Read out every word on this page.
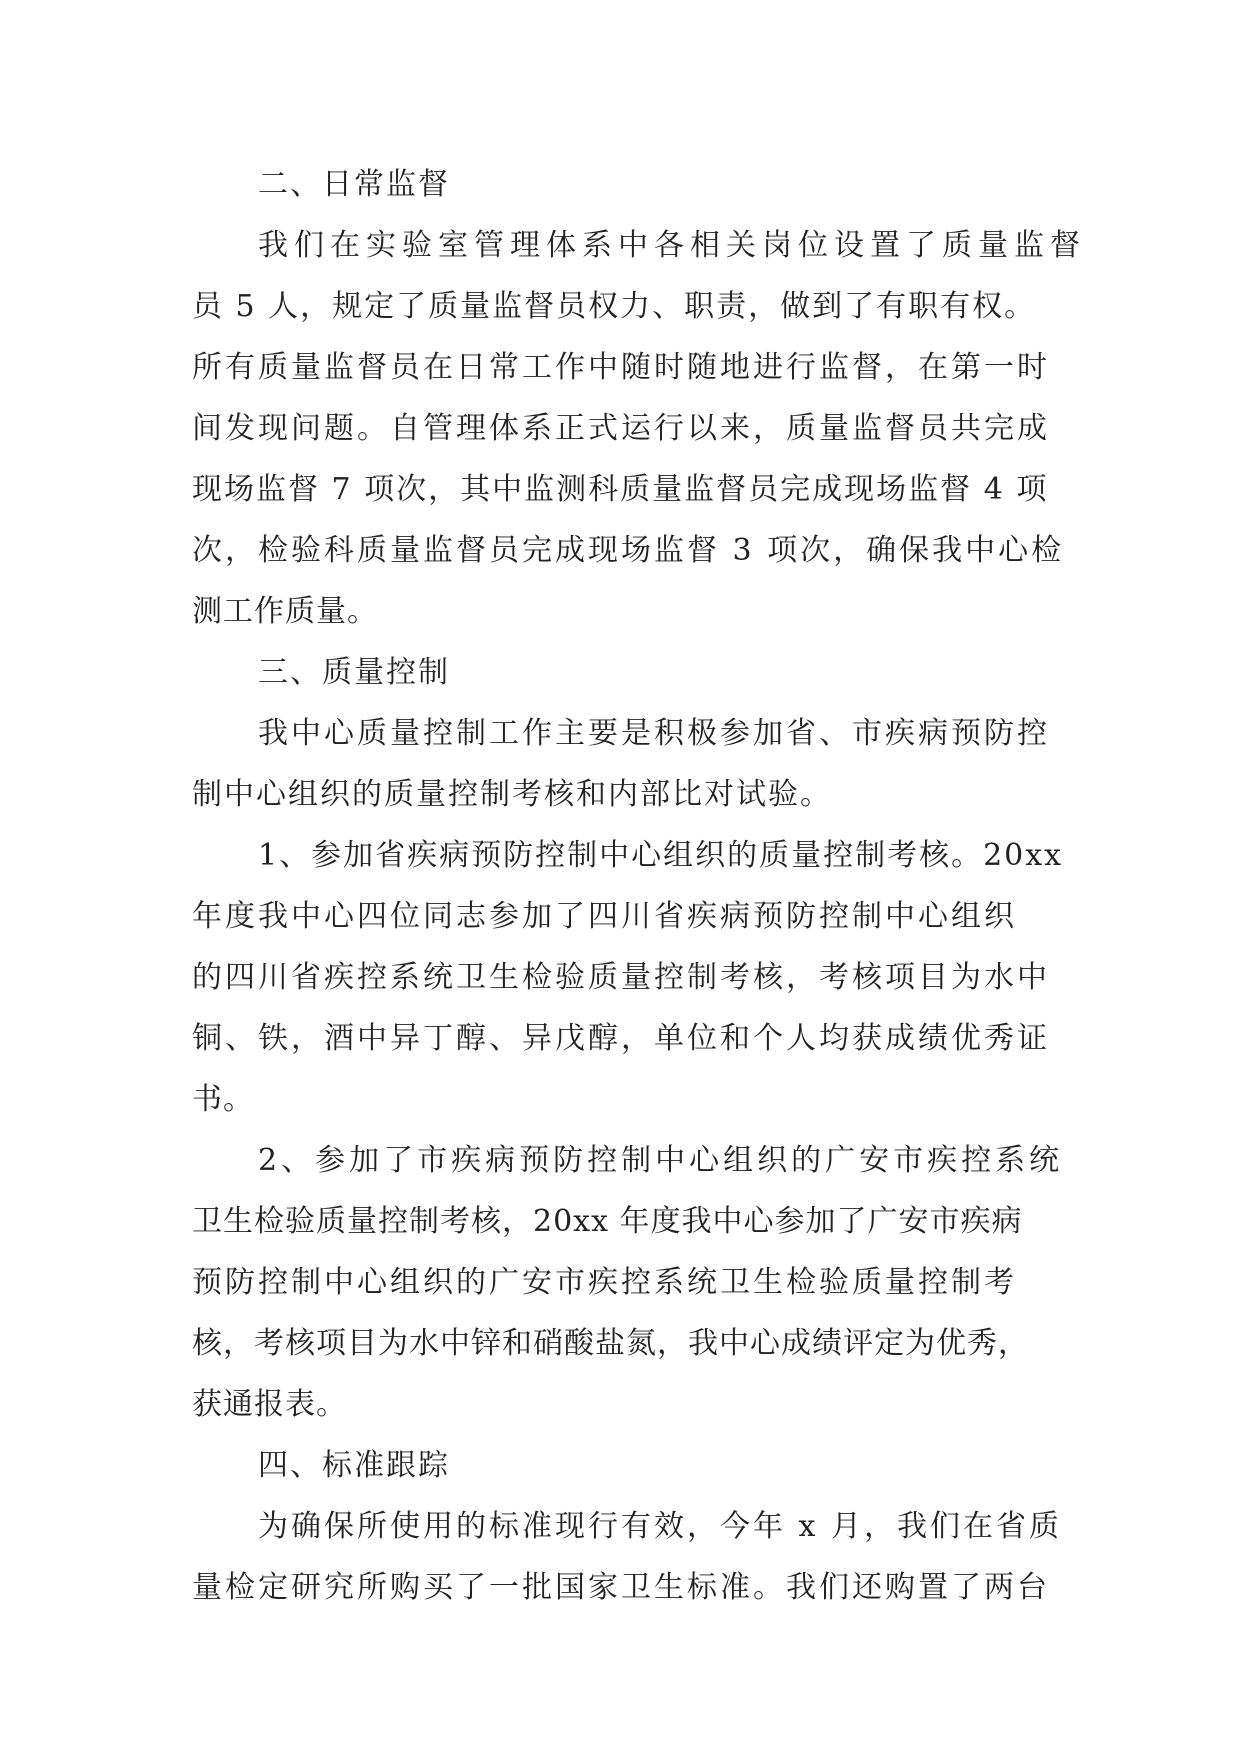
二、日常监督

我们在实验室管理体系中各相关岗位设置了质量监督

员 5 人，规定了质量监督员权力、职责，做到了有职有权。

所有质量监督员在日常工作中随时随地进行监督，在第一时

间发现问题。自管理体系正式运行以来，质量监督员共完成

现场监督 7 项次，其中监测科质量监督员完成现场监督 4 项

次，检验科质量监督员完成现场监督 3 项次，确保我中心检

测工作质量。

三、质量控制

我中心质量控制工作主要是积极参加省、市疾病预防控

制中心组织的质量控制考核和内部比对试验。

1、参加省疾病预防控制中心组织的质量控制考核。20xx

年度我中心四位同志参加了四川省疾病预防控制中心组织

的四川省疾控系统卫生检验质量控制考核，考核项目为水中

铜、铁，酒中异丁醇、异戊醇，单位和个人均获成绩优秀证

书。

2、参加了市疾病预防控制中心组织的广安市疾控系统

卫生检验质量控制考核，20xx 年度我中心参加了广安市疾病

预防控制中心组织的广安市疾控系统卫生检验质量控制考

核，考核项目为水中锌和硝酸盐氮，我中心成绩评定为优秀，

获通报表。

四、标准跟踪

为确保所使用的标准现行有效，今年 x 月，我们在省质

量检定研究所购买了一批国家卫生标准。我们还购置了两台
